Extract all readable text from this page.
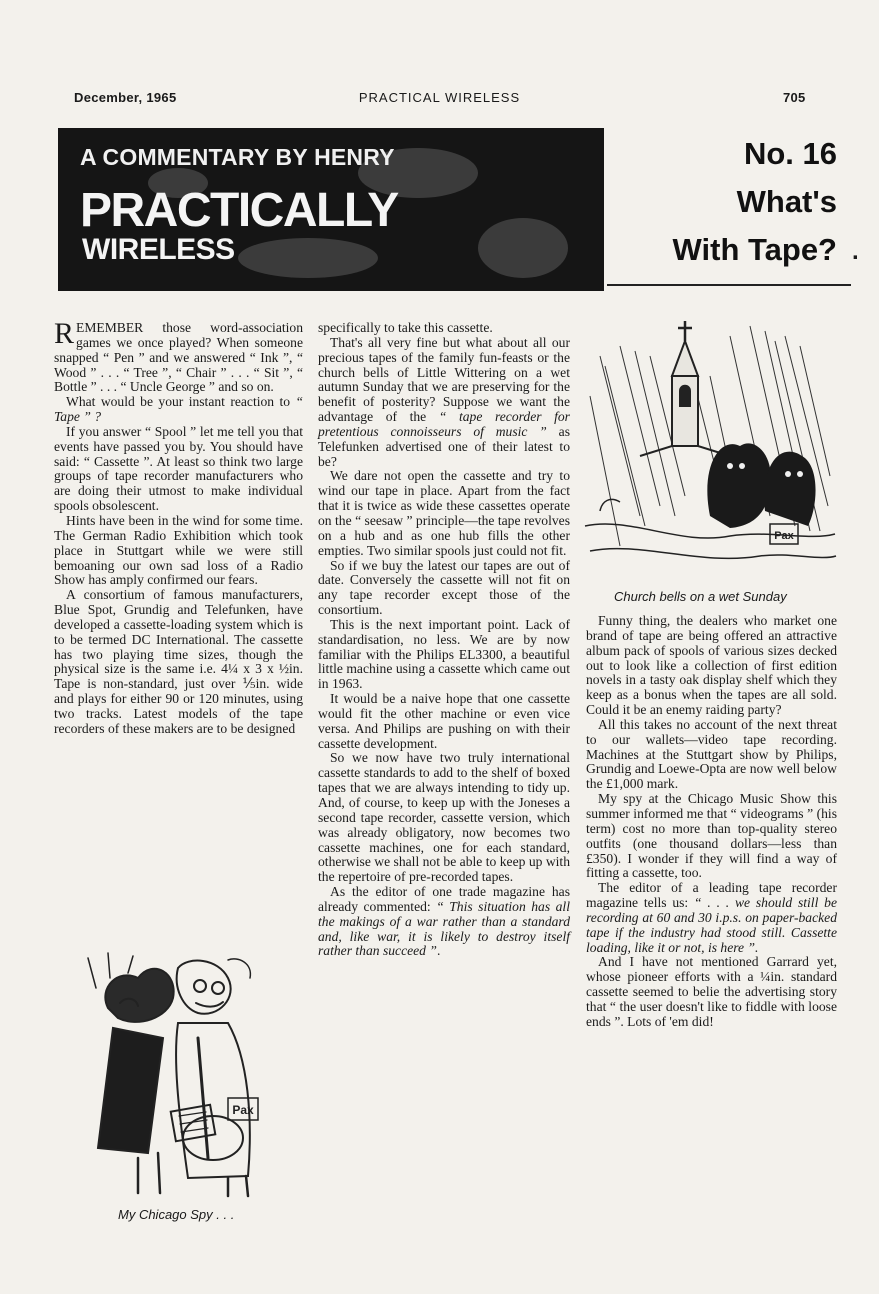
December, 1965	PRACTICAL WIRELESS	705
A COMMENTARY BY HENRY
PRACTICALLY
WIRELESS
No. 16
What's
With Tape? .

REMEMBER those word-association games we once played? When someone snapped “ Pen ” and we answered “ Ink ”, “ Wood ” . . . “ Tree ”, “ Chair ” . . . “ Sit ”, “ Bottle ” . . . “ Uncle George ” and so on.

What would be your instant reaction to “ Tape ” ?

If you answer “ Spool ” let me tell you that events have passed you by. You should have said: “ Cassette ”. At least so think two large groups of tape recorder manufacturers who are doing their utmost to make individual spools obsolescent.

Hints have been in the wind for some time. The German Radio Exhibition which took place in Stuttgart while we were still bemoaning our own sad loss of a Radio Show has amply confirmed our fears.

A consortium of famous manufacturers, Blue Spot, Grundig and Telefunken, have developed a cassette-loading system which is to be termed DC International. The cassette has two playing time sizes, though the physical size is the same i.e. 4¼ x 3 x ½in. Tape is non-standard, just over ⅕in. wide and plays for either 90 or 120 minutes, using two tracks. Latest models of the tape recorders of these makers are to be designed

specifically to take this cassette.

That's all very fine but what about all our precious tapes of the family fun-feasts or the church bells of Little Wittering on a wet autumn Sunday that we are preserving for the benefit of posterity? Suppose we want the advantage of the “ tape recorder for pretentious connoisseurs of music ” as Telefunken advertised one of their latest to be?

We dare not open the cassette and try to wind our tape in place. Apart from the fact that it is twice as wide these cassettes operate on the “ seesaw ” principle—the tape revolves on a hub and as one hub fills the other empties. Two similar spools just could not fit.

So if we buy the latest our tapes are out of date. Conversely the cassette will not fit on any tape recorder except those of the consortium.

This is the next important point. Lack of standardisation, no less. We are by now familiar with the Philips EL3300, a beautiful little machine using a cassette which came out in 1963.

It would be a naive hope that one cassette would fit the other machine or even vice versa. And Philips are pushing on with their cassette development.

So we now have two truly international cassette standards to add to the shelf of boxed tapes that we are always intending to tidy up. And, of course, to keep up with the Joneses a second tape recorder, cassette version, which was already obligatory, now becomes two cassette machines, one for each standard, otherwise we shall not be able to keep up with the repertoire of pre-recorded tapes.

As the editor of one trade magazine has already commented: “ This situation has all the makings of a war rather than a standard and, like war, it is likely to destroy itself rather than succeed ”.

Funny thing, the dealers who market one brand of tape are being offered an attractive album pack of spools of various sizes decked out to look like a collection of first edition novels in a tasty oak display shelf which they keep as a bonus when the tapes are all sold. Could it be an enemy raiding party?

All this takes no account of the next threat to our wallets—video tape recording. Machines at the Stuttgart show by Philips, Grundig and Loewe-Opta are now well below the £1,000 mark.

My spy at the Chicago Music Show this summer informed me that “ videograms ” (his term) cost no more than top-quality stereo outfits (one thousand dollars—less than £350). I wonder if they will find a way of fitting a cassette, too.

The editor of a leading tape recorder magazine tells us: “ . . . we should still be recording at 60 and 30 i.p.s. on paper-backed tape if the industry had stood still. Cassette loading, like it or not, is here ”.

And I have not mentioned Garrard yet, whose pioneer efforts with a ¼in. standard cassette seemed to belie the advertising story that “ the user doesn't like to fiddle with loose ends ”. Lots of 'em did!

Pax
My Chicago Spy . . .
Pax
Church bells on a wet Sunday
